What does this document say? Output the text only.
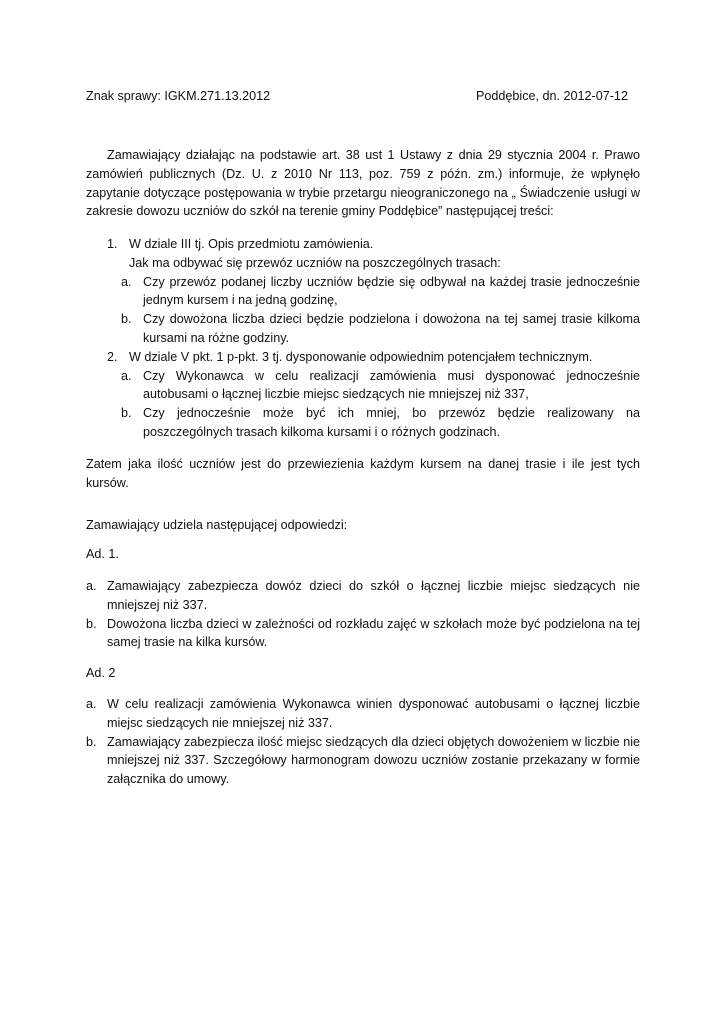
Znak sprawy: IGKM.271.13.2012	Poddębice, dn. 2012-07-12
Zamawiający działając na podstawie art. 38 ust 1 Ustawy z dnia 29 stycznia 2004 r. Prawo zamówień publicznych (Dz. U. z 2010 Nr 113, poz. 759 z późn. zm.) informuje, że wpłynęło zapytanie dotyczące postępowania w trybie przetargu nieograniczonego na „ Świadczenie usługi w zakresie dowozu uczniów do szkół na terenie gminy Poddębice” następującej treści:
1. W dziale III tj. Opis przedmiotu zamówienia.
Jak ma odbywać się przewóz uczniów na poszczególnych trasach:
a. Czy przewóz podanej liczby uczniów będzie się odbywał na każdej trasie jednocześnie jednym kursem i na jedną godzinę,
b. Czy dowożona liczba dzieci będzie podzielona i dowożona na tej samej trasie kilkoma kursami na różne godziny.
2. W dziale V pkt. 1 p-pkt. 3 tj. dysponowanie odpowiednim potencjałem technicznym.
a. Czy Wykonawca w celu realizacji zamówienia musi dysponować jednocześnie autobusami o łącznej liczbie miejsc siedzących nie mniejszej niż 337,
b. Czy jednocześnie może być ich mniej, bo przewóz będzie realizowany na poszczególnych trasach kilkoma kursami i o różnych godzinach.
Zatem jaka ilość uczniów jest do przewiezienia każdym kursem na danej trasie i ile jest tych kursów.
Zamawiający udziela następującej odpowiedzi:
Ad. 1.
a. Zamawiający zabezpiecza dowóz dzieci do szkół o łącznej liczbie miejsc siedzących nie mniejszej niż 337.
b. Dowożona liczba dzieci w zależności od rozkładu zajęć w szkołach może być podzielona na tej samej trasie na kilka kursów.
Ad. 2
a. W celu realizacji zamówienia Wykonawca winien dysponować autobusami o łącznej liczbie miejsc siedzących nie mniejszej niż 337.
b. Zamawiający zabezpiecza ilość miejsc siedzących dla dzieci objętych dowożeniem w liczbie nie mniejszej niż 337. Szczegółowy harmonogram dowozu uczniów zostanie przekazany w formie załącznika do umowy.
